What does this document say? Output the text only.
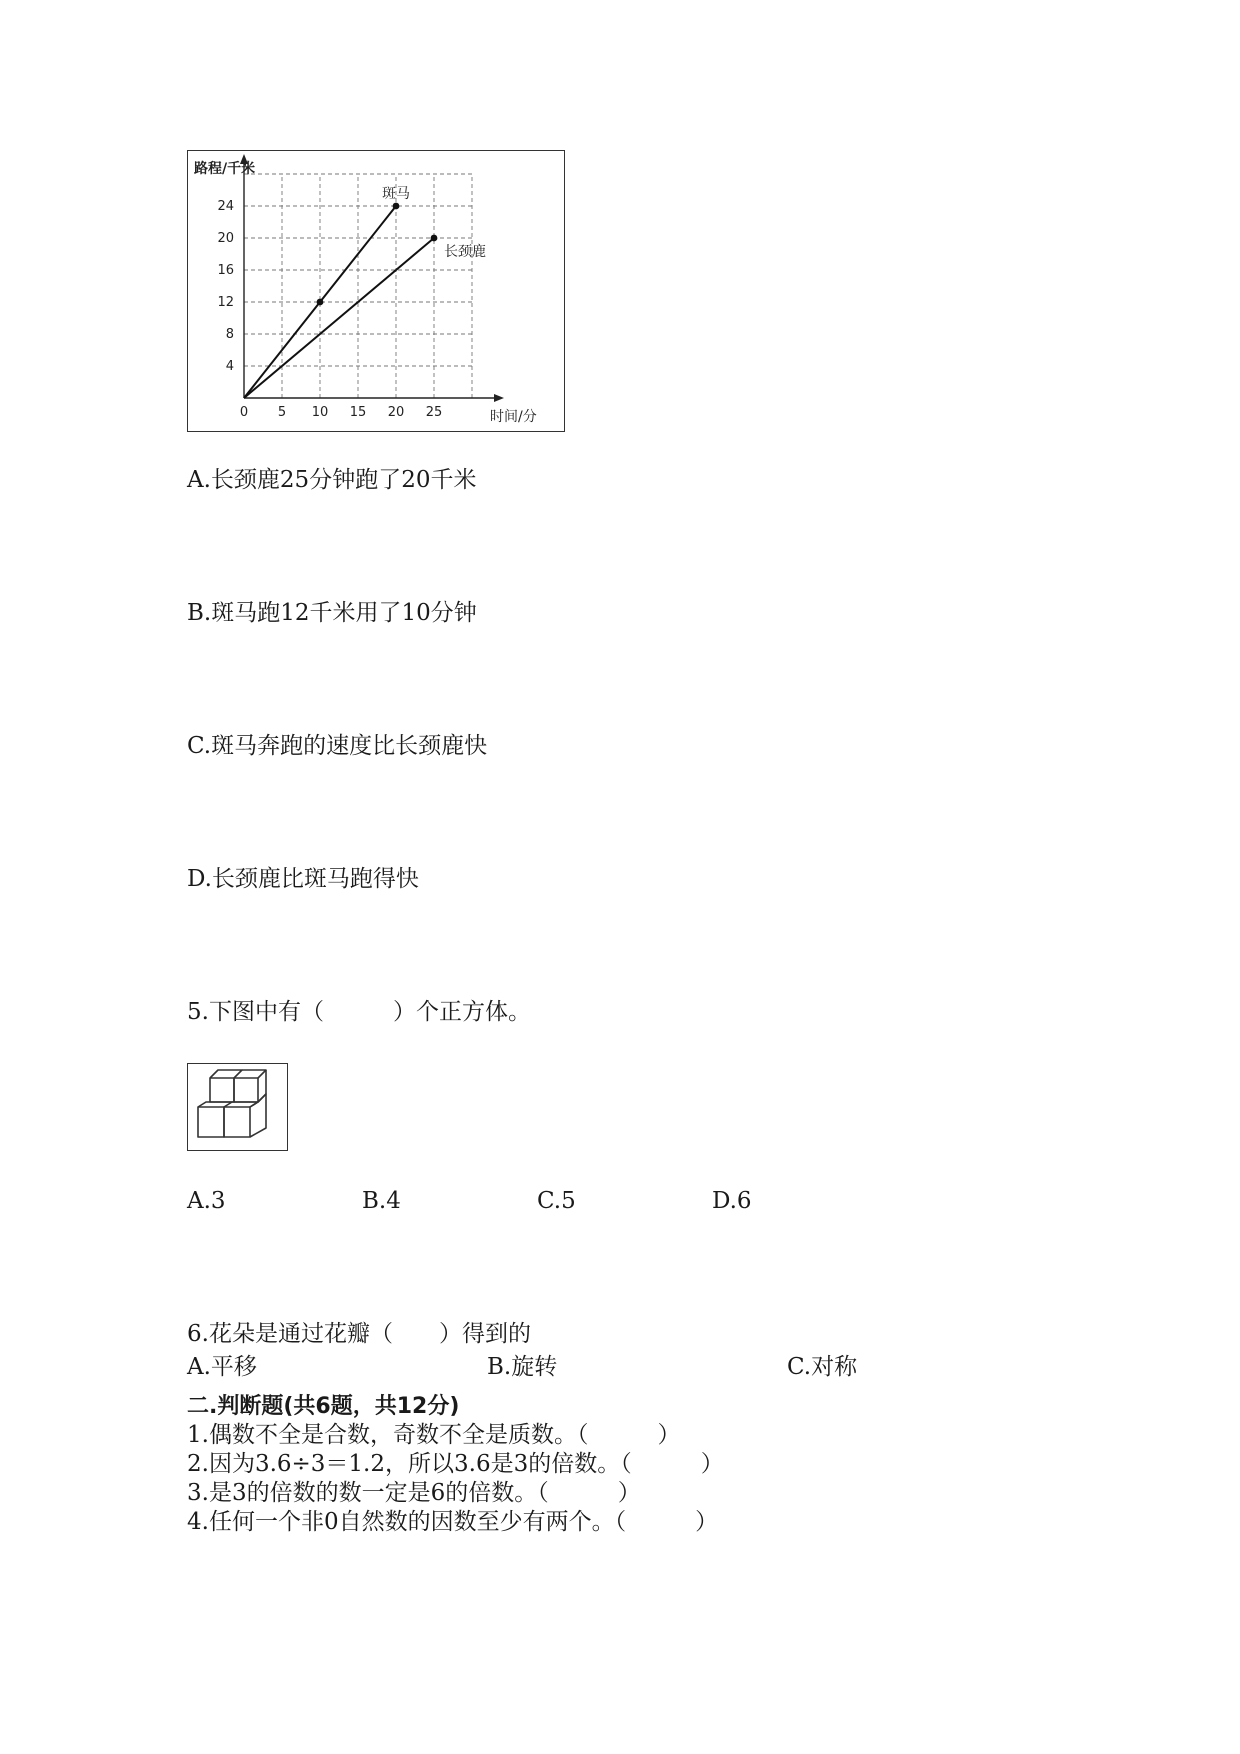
0 5 10 15 20 25
4
8
12
16
20
24
路程/千米
时间/分
斑马
长颈鹿
A.长颈鹿25分钟跑了20千米
B.斑马跑12千米用了10分钟
C.斑马奔跑的速度比长颈鹿快
D.长颈鹿比斑马跑得快
5.下图中有（　　　）个正方体。
A.3	B.4	C.5	D.6
6.花朵是通过花瓣（　　）得到的
A.平移	B.旋转	C.对称
二.判断题(共6题，共12分)
1.偶数不全是合数，奇数不全是质数。（　　　）
2.因为3.6÷3＝1.2，所以3.6是3的倍数。（　　　）
3.是3的倍数的数一定是6的倍数。（　　　）
4.任何一个非0自然数的因数至少有两个。（　　　）
